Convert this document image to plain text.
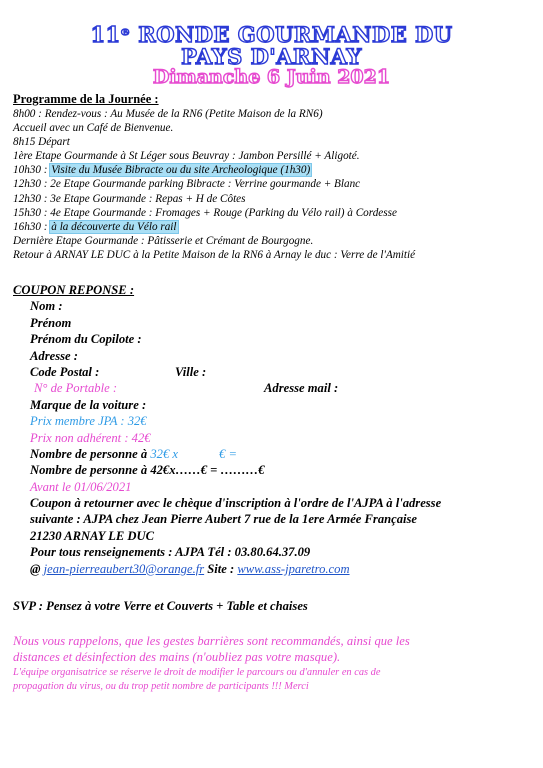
11ᵉ RONDE GOURMANDE DU
PAYS D'ARNAY
Dimanche 6 Juin 2021
Programme de la Journée :
8h00 : Rendez-vous : Au Musée de la RN6 (Petite Maison de la RN6)
Accueil avec un Café de Bienvenue.
8h15 Départ
1ère Etape Gourmande à St Léger sous Beuvray : Jambon Persillé + Aligoté.
10h30 : Visite du Musée Bibracte ou du site Archeologique (1h30)
12h30 : 2e Etape Gourmande parking Bibracte : Verrine gourmande + Blanc
12h30 : 3e Etape Gourmande : Repas + H de Côtes
15h30 : 4e Etape Gourmande : Fromages + Rouge (Parking du Vélo rail) à Cordesse
16h30 : à la découverte du Vélo rail
Dernière Etape Gourmande : Pâtisserie et Crémant de Bourgogne.
Retour à ARNAY LE DUC à la Petite Maison de la RN6 à Arnay le duc : Verre de l'Amitié
COUPON REPONSE :
Nom :
Prénom
Prénom du Copilote :
Adresse :
Code Postal :	Ville :
N° de Portable :	Adresse mail :
Marque de la voiture :
Prix membre JPA : 32€
Prix non adhérent : 42€
Nombre de personne à 32€ x	€ =
Nombre de personne à 42€x……€ = ………€
Avant le 01/06/2021
Coupon à retourner avec le chèque d'inscription à l'ordre de l'AJPA à l'adresse
suivante : AJPA chez Jean Pierre Aubert 7 rue de la 1ere Armée Française
21230 ARNAY LE DUC
Pour tous renseignements : AJPA Tél : 03.80.64.37.09
@ jean-pierreaubert30@orange.fr Site : www.ass-jparetro.com
SVP : Pensez à votre Verre et Couverts + Table et chaises
Nous vous rappelons, que les gestes barrières sont recommandés, ainsi que les
distances et désinfection des mains (n'oubliez pas votre masque).
L'équipe organisatrice se réserve le droit de modifier le parcours ou d'annuler en cas de
propagation du virus, ou du trop petit nombre de participants !!! Merci
